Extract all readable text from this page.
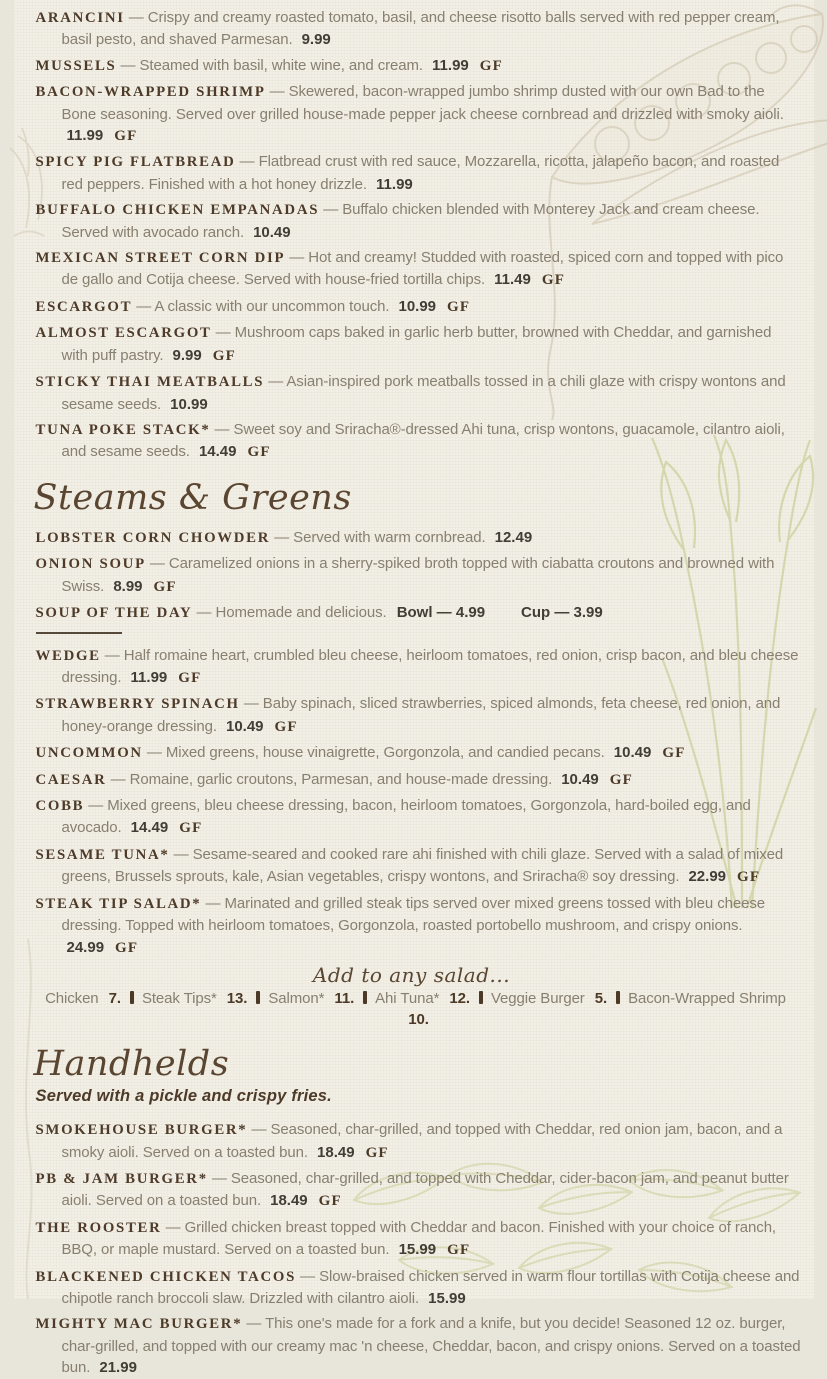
ARANCINI — Crispy and creamy roasted tomato, basil, and cheese risotto balls served with red pepper cream, basil pesto, and shaved Parmesan. 9.99

MUSSELS — Steamed with basil, white wine, and cream. 11.99 GF

BACON-WRAPPED SHRIMP — Skewered, bacon-wrapped jumbo shrimp dusted with our own Bad to the Bone seasoning. Served over grilled house-made pepper jack cheese cornbread and drizzled with smoky aioli. 11.99 GF

SPICY PIG FLATBREAD — Flatbread crust with red sauce, Mozzarella, ricotta, jalapeño bacon, and roasted red peppers. Finished with a hot honey drizzle. 11.99

BUFFALO CHICKEN EMPANADAS — Buffalo chicken blended with Monterey Jack and cream cheese. Served with avocado ranch. 10.49

MEXICAN STREET CORN DIP — Hot and creamy! Studded with roasted, spiced corn and topped with pico de gallo and Cotija cheese. Served with house-fried tortilla chips. 11.49 GF

ESCARGOT — A classic with our uncommon touch. 10.99 GF

ALMOST ESCARGOT — Mushroom caps baked in garlic herb butter, browned with Cheddar, and garnished with puff pastry. 9.99 GF

STICKY THAI MEATBALLS — Asian-inspired pork meatballs tossed in a chili glaze with crispy wontons and sesame seeds. 10.99

TUNA POKE STACK* — Sweet soy and Sriracha®-dressed Ahi tuna, crisp wontons, guacamole, cilantro aioli, and sesame seeds. 14.49 GF

Steams & Greens

LOBSTER CORN CHOWDER — Served with warm cornbread. 12.49

ONION SOUP — Caramelized onions in a sherry-spiked broth topped with ciabatta croutons and browned with Swiss. 8.99 GF

SOUP OF THE DAY — Homemade and delicious. Bowl — 4.99 Cup — 3.99

WEDGE — Half romaine heart, crumbled bleu cheese, heirloom tomatoes, red onion, crisp bacon, and bleu cheese dressing. 11.99 GF

STRAWBERRY SPINACH — Baby spinach, sliced strawberries, spiced almonds, feta cheese, red onion, and honey-orange dressing. 10.49 GF

UNCOMMON — Mixed greens, house vinaigrette, Gorgonzola, and candied pecans. 10.49 GF

CAESAR — Romaine, garlic croutons, Parmesan, and house-made dressing. 10.49 GF

COBB — Mixed greens, bleu cheese dressing, bacon, heirloom tomatoes, Gorgonzola, hard-boiled egg, and avocado. 14.49 GF

SESAME TUNA* — Sesame-seared and cooked rare ahi finished with chili glaze. Served with a salad of mixed greens, Brussels sprouts, kale, Asian vegetables, crispy wontons, and Sriracha® soy dressing. 22.99 GF

STEAK TIP SALAD* — Marinated and grilled steak tips served over mixed greens tossed with bleu cheese dressing. Topped with heirloom tomatoes, Gorgonzola, roasted portobello mushroom, and crispy onions. 24.99 GF

Add to any salad...

Chicken 7. Steak Tips* 13. Salmon* 11. Ahi Tuna* 12. Veggie Burger 5. Bacon-Wrapped Shrimp 10.

Handhelds

Served with a pickle and crispy fries.

SMOKEHOUSE BURGER* — Seasoned, char-grilled, and topped with Cheddar, red onion jam, bacon, and a smoky aioli. Served on a toasted bun. 18.49 GF

PB & JAM BURGER* — Seasoned, char-grilled, and topped with Cheddar, cider-bacon jam, and peanut butter aioli. Served on a toasted bun. 18.49 GF

THE ROOSTER — Grilled chicken breast topped with Cheddar and bacon. Finished with your choice of ranch, BBQ, or maple mustard. Served on a toasted bun. 15.99 GF

BLACKENED CHICKEN TACOS — Slow-braised chicken served in warm flour tortillas with Cotija cheese and chipotle ranch broccoli slaw. Drizzled with cilantro aioli. 15.99

MIGHTY MAC BURGER* — This one's made for a fork and a knife, but you decide! Seasoned 12 oz. burger, char-grilled, and topped with our creamy mac 'n cheese, Cheddar, bacon, and crispy onions. Served on a toasted bun. 21.99
